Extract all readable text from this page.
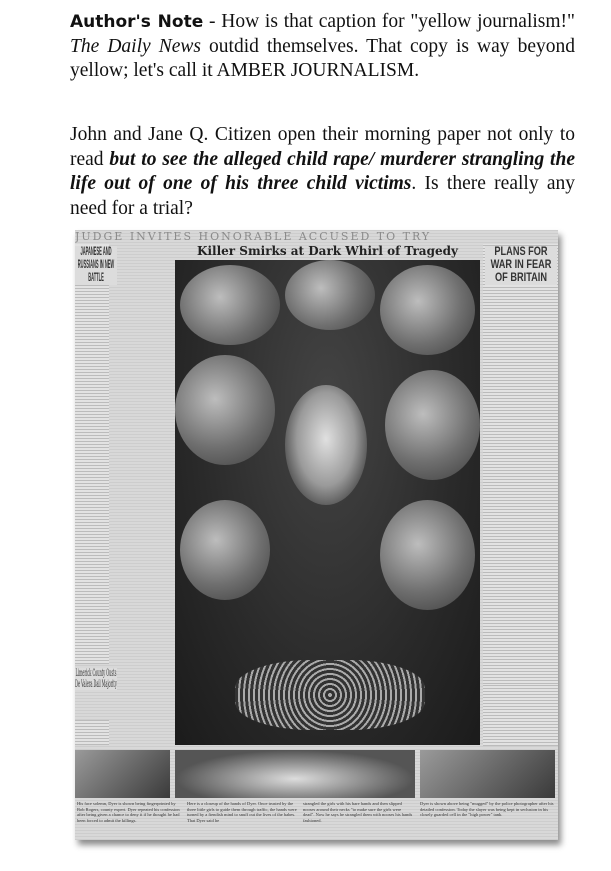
Author's Note - How is that caption for "yellow journalism!" The Daily News outdid themselves. That copy is way beyond yellow; let's call it AMBER JOURNALISM.
John and Jane Q. Citizen open their morning paper not only to read but to see the alleged child rape/ murderer strangling the life out of one of his three child victims. Is there really any need for a trial?
JUDGE INVITES HONORABLE ACCUSED TO TRY
JAPANESE AND RUSSIANS IN NEW BATTLE
PLANS FOR WAR IN FEAR OF BRITAIN
Limerick County Ousts De Valera Dail Majority
Killer Smirks at Dark Whirl of Tragedy
His face solemn, Dyer is shown being fingerprinted by Bob Rogers, county expert. Dyer repeated his confession after being given a chance to deny it if he thought he had been forced to admit the killings.
Here is a closeup of the hands of Dyer. Once trusted by the three little girls to guide them through traffic, the hands were turned by a fiendish mind to snuff out the lives of the babes. That Dyer said he
strangled the girls with his bare hands and then slipped nooses around their necks "to make sure the girls were dead". Now he says he strangled them with nooses his hands fashioned.
Dyer is shown above being "mugged" by the police photographer after his detailed confession. Today the slayer was being kept in seclusion in his closely guarded cell in the "high power" tank.
